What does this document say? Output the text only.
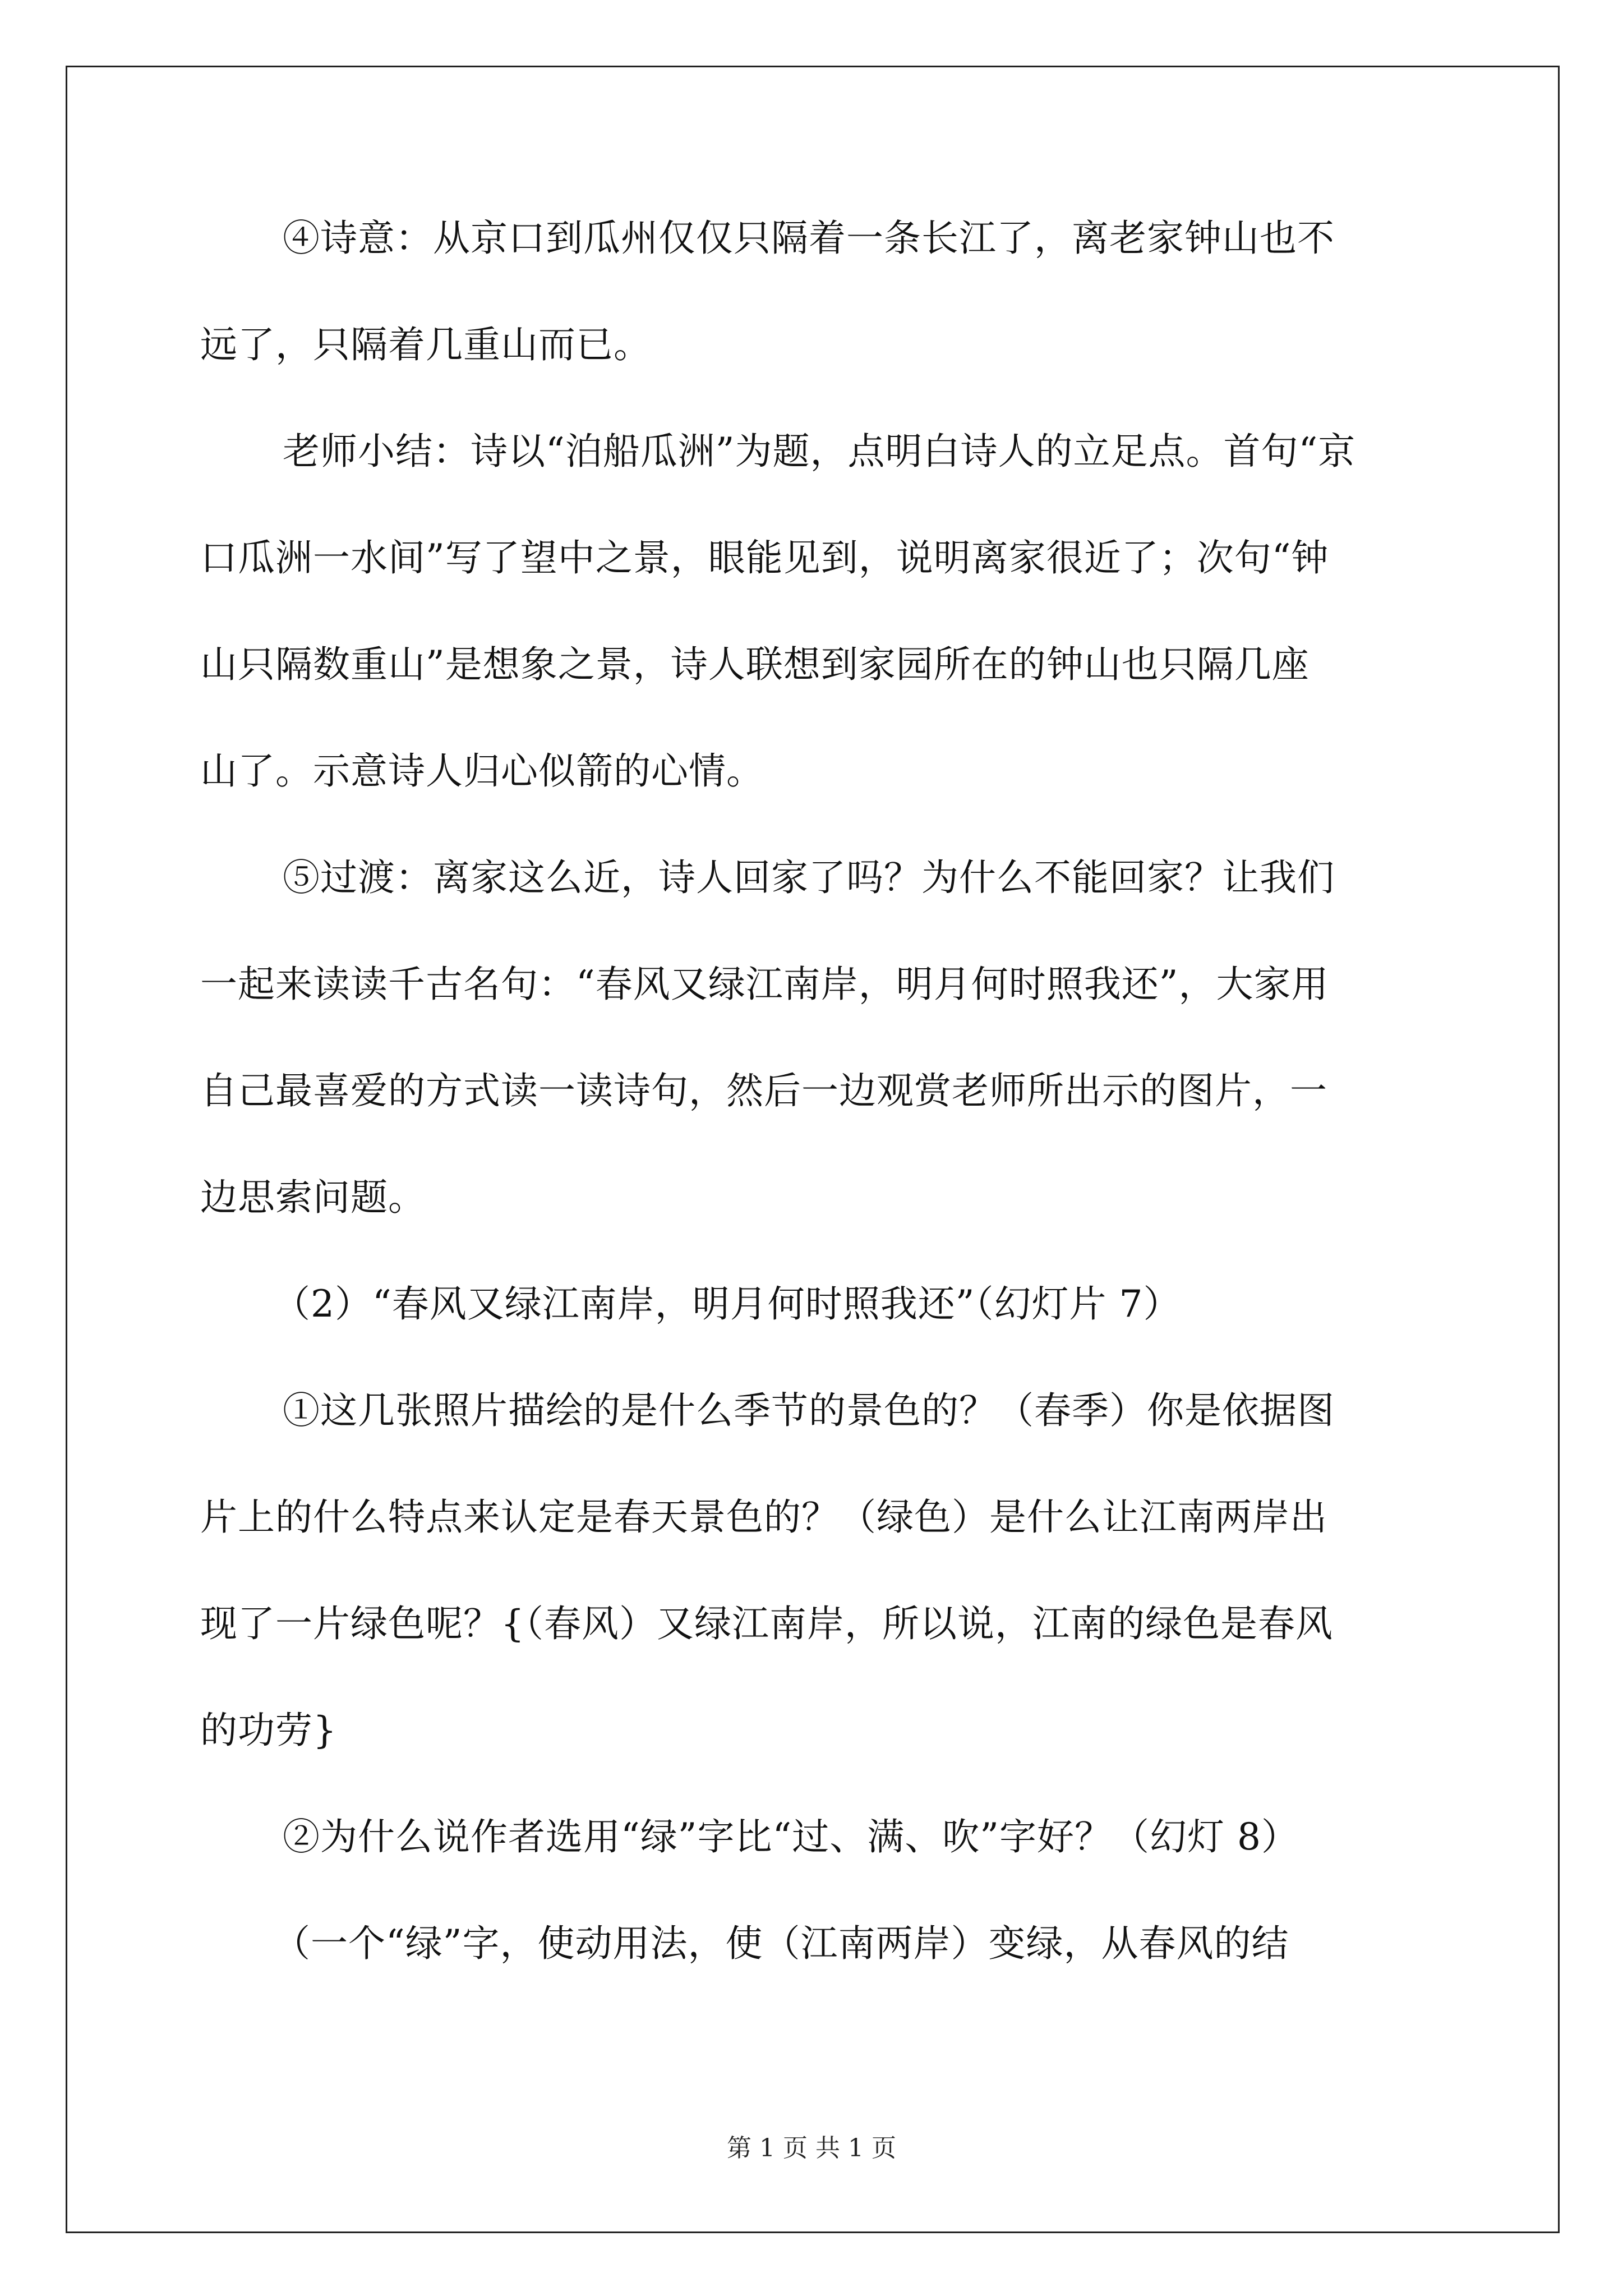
④诗意：从京口到瓜州仅仅只隔着一条长江了，离老家钟山也不
远了，只隔着几重山而已。
老师小结：诗以“泊船瓜洲”为题，点明白诗人的立足点。首句“京
口瓜洲一水间”写了望中之景，眼能见到，说明离家很近了；次句“钟
山只隔数重山”是想象之景，诗人联想到家园所在的钟山也只隔几座
山了。示意诗人归心似箭的心情。
⑤过渡：离家这么近，诗人回家了吗？为什么不能回家？让我们
一起来读读千古名句：“春风又绿江南岸，明月何时照我还”，大家用
自己最喜爱的方式读一读诗句，然后一边观赏老师所出示的图片，一
边思索问题。
（2）“春风又绿江南岸，明月何时照我还”（幻灯片 7）
①这几张照片描绘的是什么季节的景色的？（春季）你是依据图
片上的什么特点来认定是春天景色的？（绿色）是什么让江南两岸出
现了一片绿色呢？{（春风）又绿江南岸，所以说，江南的绿色是春风
的功劳}
②为什么说作者选用“绿”字比“过、满、吹”字好？（幻灯 8）
（一个“绿”字，使动用法，使（江南两岸）变绿，从春风的结
第 1 页 共 1 页
